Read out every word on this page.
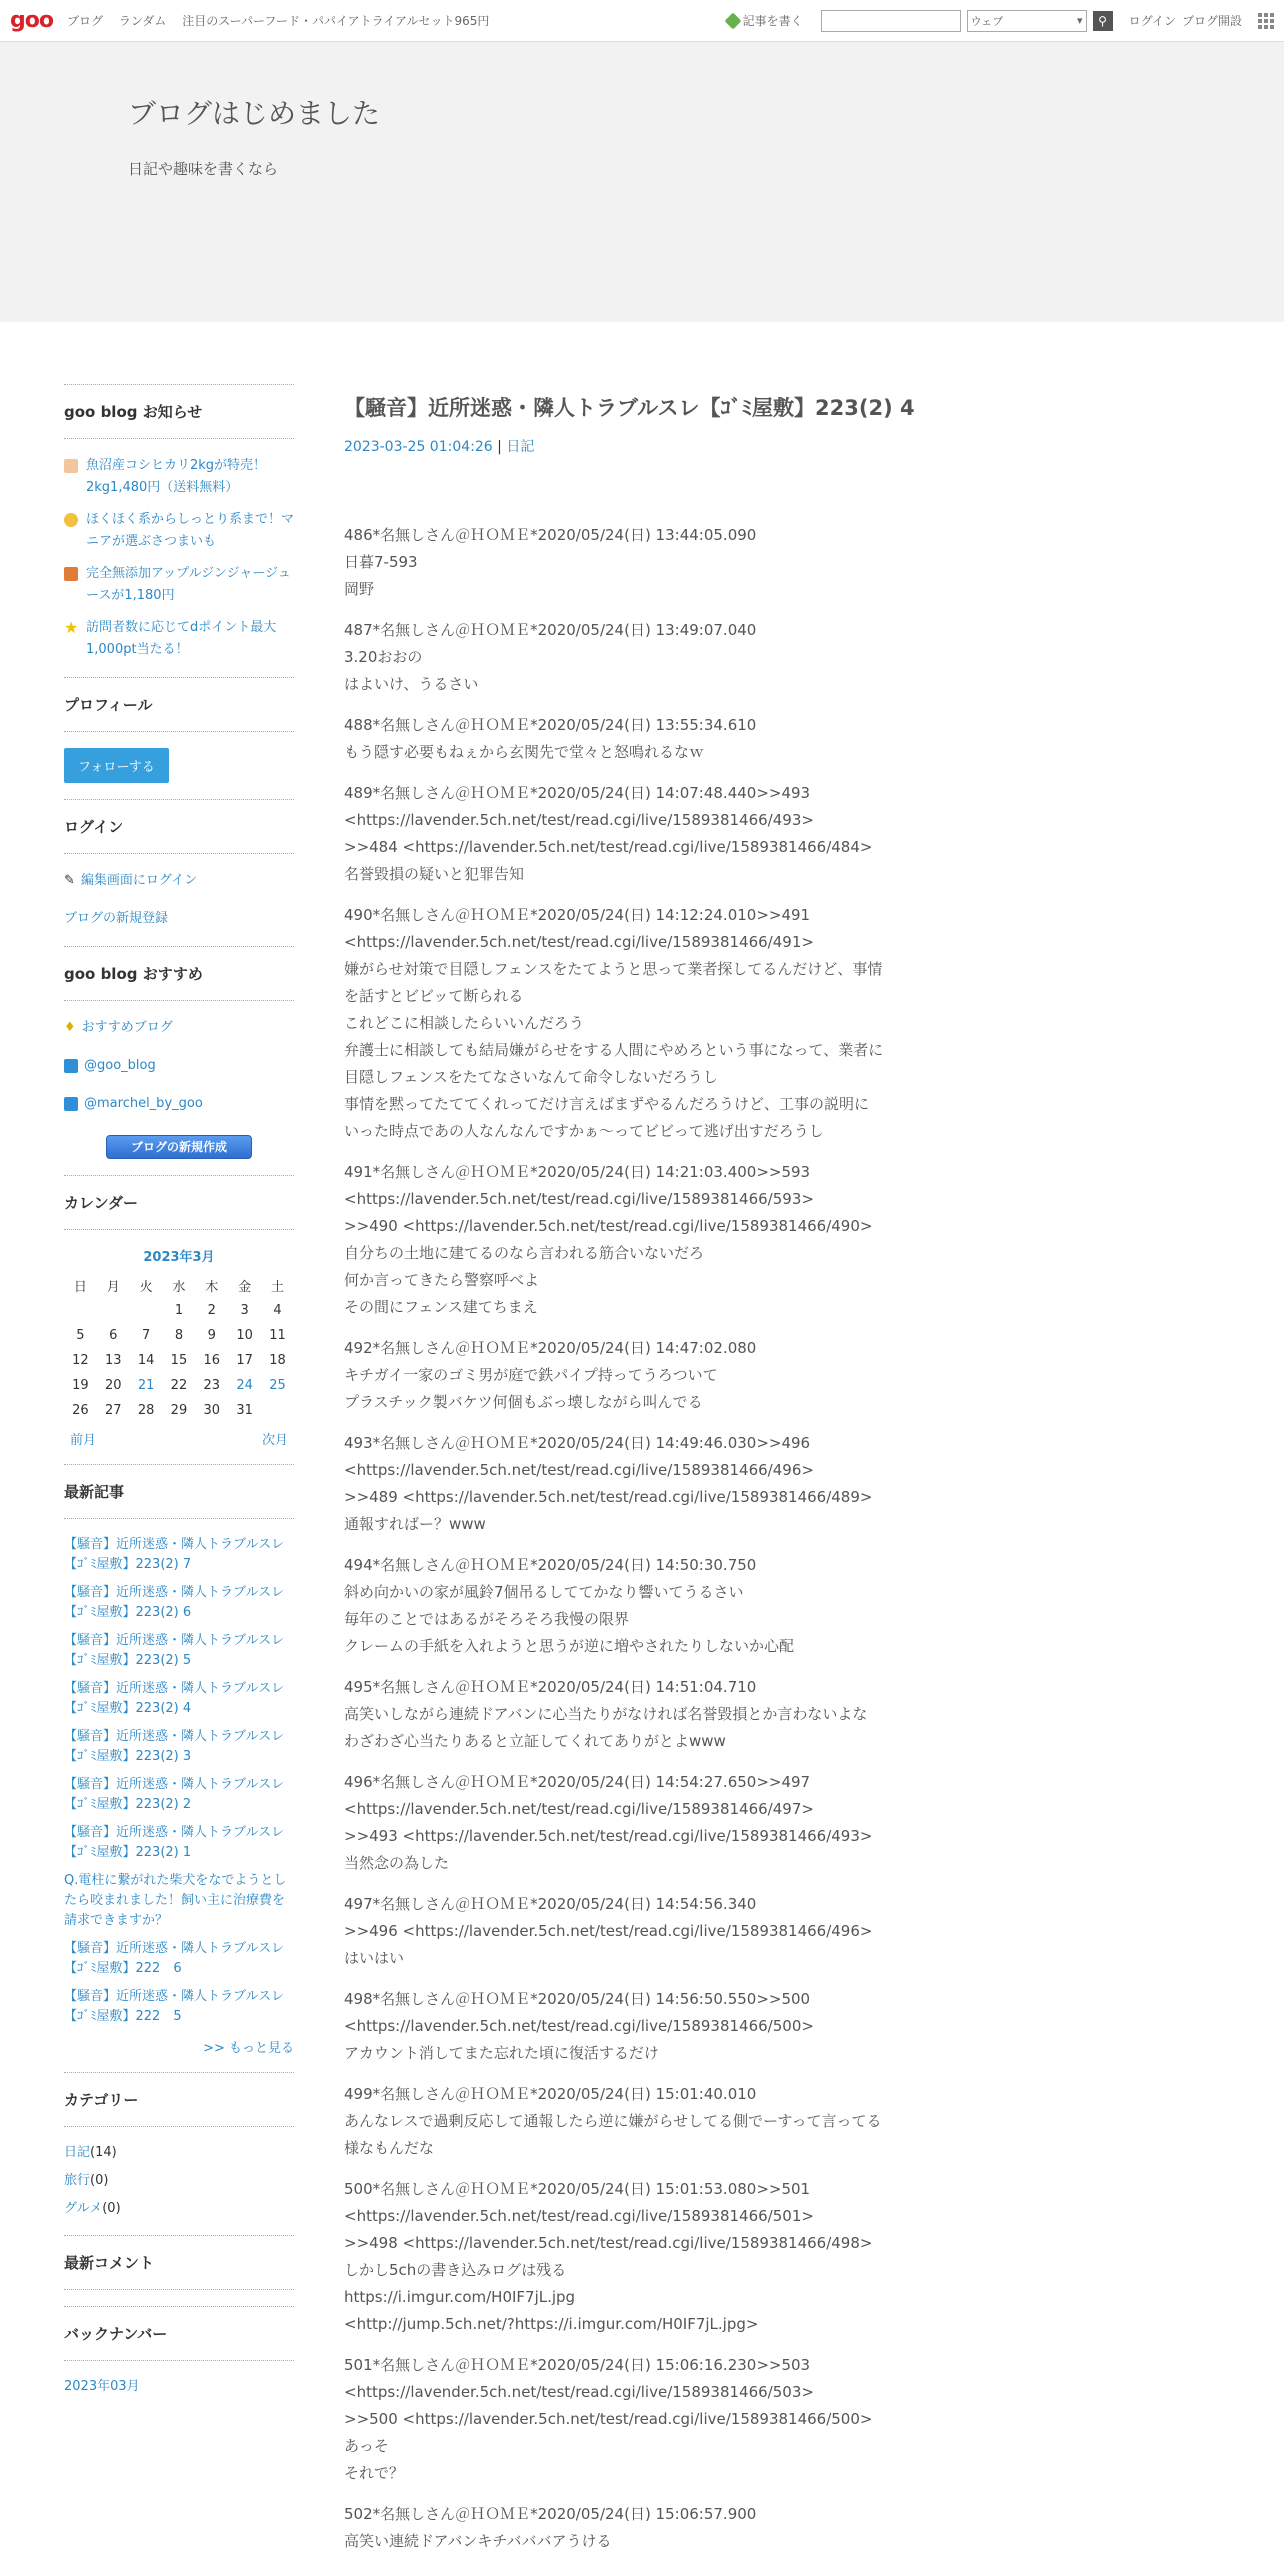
goo ブログ ランダム 注目のスーパーフード・パパイアトライアルセット965円	記事を書く	ウェブ	▾ ⚲ ログイン ブログ開設
ブログはじめました

日記や趣味を書くなら

goo blog お知らせ
魚沼産コシヒカリ2kgが特売！2kg1,480円（送料無料）
ほくほく系からしっとり系まで！マニアが選ぶさつまいも
完全無添加アップルジンジャージュースが1,180円
★ 訪問者数に応じてdポイント最大1,000pt当たる！
プロフィール
フォローする
ログイン
✎ 編集画面にログイン
ブログの新規登録
goo blog おすすめ
♦ おすすめブログ
@goo_blog
@marchel_by_goo
ブログの新規作成
カレンダー
2023年3月
日	月	火	水	木	金	土
			1	2	3	4
5	6	7	8	9	10	11
12	13	14	15	16	17	18
19	20	21	22	23	24	25
26	27	28	29	30	31	
前月	次月
最新記事
【騒音】近所迷惑・隣人トラブルスレ【ｺﾞﾐ屋敷】223(2) 7
【騒音】近所迷惑・隣人トラブルスレ【ｺﾞﾐ屋敷】223(2) 6
【騒音】近所迷惑・隣人トラブルスレ【ｺﾞﾐ屋敷】223(2) 5
【騒音】近所迷惑・隣人トラブルスレ【ｺﾞﾐ屋敷】223(2) 4
【騒音】近所迷惑・隣人トラブルスレ【ｺﾞﾐ屋敷】223(2) 3
【騒音】近所迷惑・隣人トラブルスレ【ｺﾞﾐ屋敷】223(2) 2
【騒音】近所迷惑・隣人トラブルスレ【ｺﾞﾐ屋敷】223(2) 1
Q.電柱に繋がれた柴犬をなでようとしたら咬まれました！飼い主に治療費を請求できますか？
【騒音】近所迷惑・隣人トラブルスレ【ｺﾞﾐ屋敷】222　6
【騒音】近所迷惑・隣人トラブルスレ【ｺﾞﾐ屋敷】222　5
>> もっと見る
カテゴリー
日記(14)
旅行(0)
グルメ(0)
最新コメント
バックナンバー
2023年03月
【騒音】近所迷惑・隣人トラブルスレ【ｺﾞﾐ屋敷】223(2) 4
2023-03-25 01:04:26 | 日記
486*名無しさん＠ＨＯＭＥ*2020/05/24(日) 13:44:05.090
日暮7-593
岡野
487*名無しさん＠ＨＯＭＥ*2020/05/24(日) 13:49:07.040
3.20おおの
はよいけ、うるさい
488*名無しさん＠ＨＯＭＥ*2020/05/24(日) 13:55:34.610
もう隠す必要もねぇから玄関先で堂々と怒鳴れるなｗ
489*名無しさん＠ＨＯＭＥ*2020/05/24(日) 14:07:48.440>>493
<https://lavender.5ch.net/test/read.cgi/live/1589381466/493>
>>484 <https://lavender.5ch.net/test/read.cgi/live/1589381466/484>
名誉毀損の疑いと犯罪告知
490*名無しさん＠ＨＯＭＥ*2020/05/24(日) 14:12:24.010>>491
<https://lavender.5ch.net/test/read.cgi/live/1589381466/491>
嫌がらせ対策で目隠しフェンスをたてようと思って業者探してるんだけど、事情
を話すとビビッて断られる
これどこに相談したらいいんだろう
弁護士に相談しても結局嫌がらせをする人間にやめろという事になって、業者に
目隠しフェンスをたてなさいなんて命令しないだろうし
事情を黙ってたててくれってだけ言えばまずやるんだろうけど、工事の説明に
いった時点であの人なんなんですかぁ～ってビビって逃げ出すだろうし
491*名無しさん＠ＨＯＭＥ*2020/05/24(日) 14:21:03.400>>593
<https://lavender.5ch.net/test/read.cgi/live/1589381466/593>
>>490 <https://lavender.5ch.net/test/read.cgi/live/1589381466/490>
自分ちの土地に建てるのなら言われる筋合いないだろ
何か言ってきたら警察呼べよ
その間にフェンス建てちまえ
492*名無しさん＠ＨＯＭＥ*2020/05/24(日) 14:47:02.080
キチガイ一家のゴミ男が庭で鉄パイプ持ってうろついて
プラスチック製バケツ何個もぶっ壊しながら叫んでる
493*名無しさん＠ＨＯＭＥ*2020/05/24(日) 14:49:46.030>>496
<https://lavender.5ch.net/test/read.cgi/live/1589381466/496>
>>489 <https://lavender.5ch.net/test/read.cgi/live/1589381466/489>
通報すればー？www
494*名無しさん＠ＨＯＭＥ*2020/05/24(日) 14:50:30.750
斜め向かいの家が風鈴7個吊るしててかなり響いてうるさい
毎年のことではあるがそろそろ我慢の限界
クレームの手紙を入れようと思うが逆に増やされたりしないか心配
495*名無しさん＠ＨＯＭＥ*2020/05/24(日) 14:51:04.710
高笑いしながら連続ドアバンに心当たりがなければ名誉毀損とか言わないよな
わざわざ心当たりあると立証してくれてありがとよwww
496*名無しさん＠ＨＯＭＥ*2020/05/24(日) 14:54:27.650>>497
<https://lavender.5ch.net/test/read.cgi/live/1589381466/497>
>>493 <https://lavender.5ch.net/test/read.cgi/live/1589381466/493>
当然念の為した
497*名無しさん＠ＨＯＭＥ*2020/05/24(日) 14:54:56.340
>>496 <https://lavender.5ch.net/test/read.cgi/live/1589381466/496>
はいはい
498*名無しさん＠ＨＯＭＥ*2020/05/24(日) 14:56:50.550>>500
<https://lavender.5ch.net/test/read.cgi/live/1589381466/500>
アカウント消してまた忘れた頃に復活するだけ
499*名無しさん＠ＨＯＭＥ*2020/05/24(日) 15:01:40.010
あんなレスで過剰反応して通報したら逆に嫌がらせしてる側でーすって言ってる
様なもんだな
500*名無しさん＠ＨＯＭＥ*2020/05/24(日) 15:01:53.080>>501
<https://lavender.5ch.net/test/read.cgi/live/1589381466/501>
>>498 <https://lavender.5ch.net/test/read.cgi/live/1589381466/498>
しかし5chの書き込みログは残る
https://i.imgur.com/H0IF7jL.jpg
<http://jump.5ch.net/?https://i.imgur.com/H0IF7jL.jpg>
501*名無しさん＠ＨＯＭＥ*2020/05/24(日) 15:06:16.230>>503
<https://lavender.5ch.net/test/read.cgi/live/1589381466/503>
>>500 <https://lavender.5ch.net/test/read.cgi/live/1589381466/500>
あっそ
それで？
502*名無しさん＠ＨＯＭＥ*2020/05/24(日) 15:06:57.900
高笑い連続ドアバンキチバババアうける
